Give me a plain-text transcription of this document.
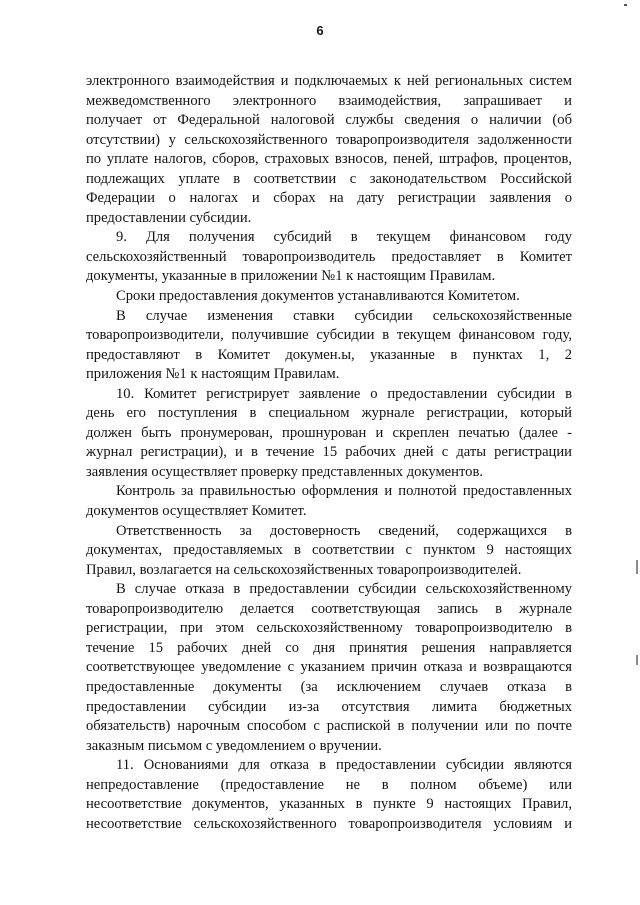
6
электронного взаимодействия и подключаемых к ней региональных систем
межведомственного электронного взаимодействия, запрашивает и
получает от Федеральной налоговой службы сведения о наличии (об
отсутствии) у сельскохозяйственного товаропроизводителя задолженности
по уплате налогов, сборов, страховых взносов, пеней, штрафов, процентов,
подлежащих уплате в соответствии с законодательством Российской
Федерации о налогах и сборах на дату регистрации заявления о
предоставлении субсидии.
9. Для получения субсидий в текущем финансовом году
сельскохозяйственный товаропроизводитель предоставляет в Комитет
документы, указанные в приложении №1 к настоящим Правилам.
Сроки предоставления документов устанавливаются Комитетом.
В случае изменения ставки субсидии сельскохозяйственные
товаропроизводители, получившие субсидии в текущем финансовом году,
предоставляют в Комитет докумен.ы, указанные в пунктах 1, 2
приложения №1 к настоящим Правилам.
10. Комитет регистрирует заявление о предоставлении субсидии в
день его поступления в специальном журнале регистрации, который
должен быть пронумерован, прошнурован и скреплен печатью (далее -
журнал регистрации), и в течение 15 рабочих дней с даты регистрации
заявления осуществляет проверку представленных документов.
Контроль за правильностью оформления и полнотой предоставленных
документов осуществляет Комитет.
Ответственность за достоверность сведений, содержащихся в
документах, предоставляемых в соответствии с пунктом 9 настоящих
Правил, возлагается на сельскохозяйственных товаропроизводителей.
В случае отказа в предоставлении субсидии сельскохозяйственному
товаропроизводителю делается соответствующая запись в журнале
регистрации, при этом сельскохозяйственному товаропроизводителю в
течение 15 рабочих дней со дня принятия решения направляется
соответствующее уведомление с указанием причин отказа и возвращаются
предоставленные документы (за исключением случаев отказа в
предоставлении субсидии из-за отсутствия лимита бюджетных
обязательств) нарочным способом с распиской в получении или по почте
заказным письмом с уведомлением о вручении.
11. Основаниями для отказа в предоставлении субсидии являются
непредоставление (предоставление не в полном объеме) или
несоответствие документов, указанных в пункте 9 настоящих Правил,
несоответствие сельскохозяйственного товаропроизводителя условиям и
